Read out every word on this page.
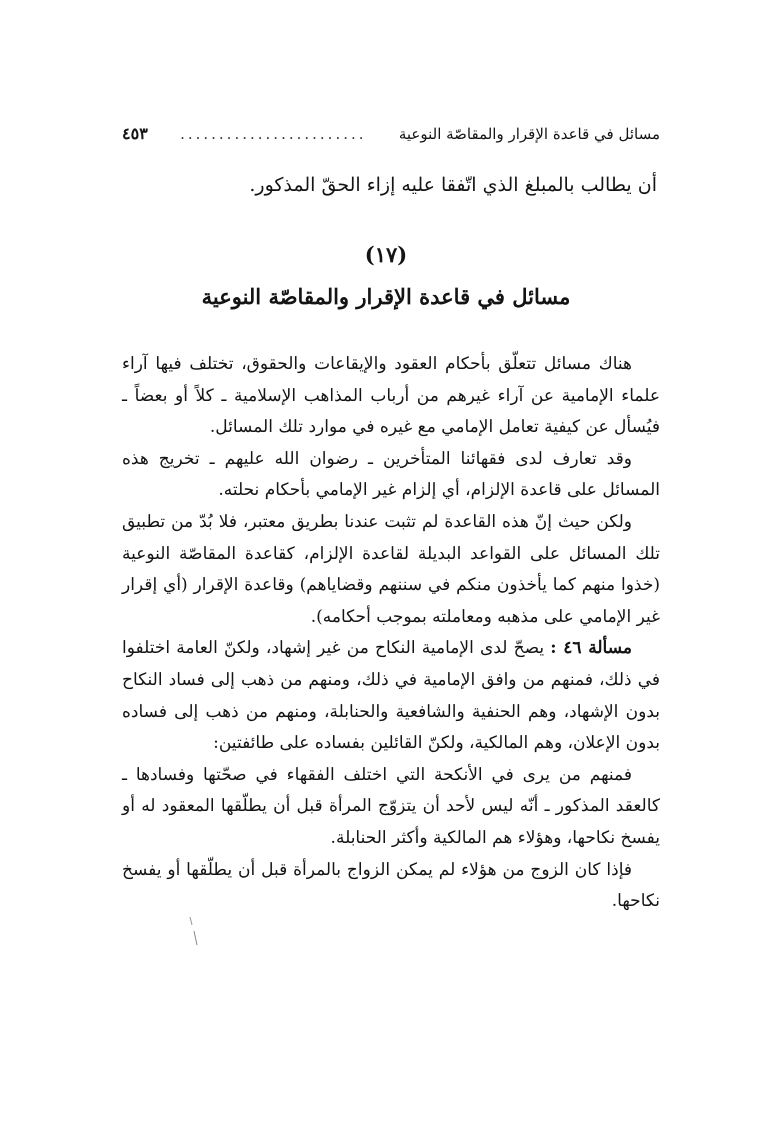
مسائل في قاعدة الإقرار والمقاصّة النوعية
........................
٤٥٣
أن يطالب بالمبلغ الذي اتّفقا عليه إزاء الحقّ المذكور.
(١٧)
مسائل في قاعدة الإقرار والمقاصّة النوعية

هناك مسائل تتعلّق بأحكام العقود والإيقاعات والحقوق، تختلف فيها آراء علماء الإمامية عن آراء غيرهم من أرباب المذاهب الإسلامية ـ كلاً أو بعضاً ـ فيُسأل عن كيفية تعامل الإمامي مع غيره في موارد تلك المسائل.

وقد تعارف لدى فقهائنا المتأخرين ـ رضوان الله عليهم ـ تخريج هذه المسائل على قاعدة الإلزام، أي إلزام غير الإمامي بأحكام نحلته.

ولكن حيث إنّ هذه القاعدة لم تثبت عندنا بطريق معتبر، فلا بُدّ من تطبيق تلك المسائل على القواعد البديلة لقاعدة الإلزام، كقاعدة المقاصّة النوعية (خذوا منهم كما يأخذون منكم في سننهم وقضاياهم) وقاعدة الإقرار (أي إقرار غير الإمامي على مذهبه ومعاملته بموجب أحكامه).

مسألة ٤٦ : يصحّ لدى الإمامية النكاح من غير إشهاد، ولكنّ العامة اختلفوا في ذلك، فمنهم من وافق الإمامية في ذلك، ومنهم من ذهب إلى فساد النكاح بدون الإشهاد، وهم الحنفية والشافعية والحنابلة، ومنهم من ذهب إلى فساده بدون الإعلان، وهم المالكية، ولكنّ القائلين بفساده على طائفتين:

فمنهم من يرى في الأنكحة التي اختلف الفقهاء في صحّتها وفسادها ـ كالعقد المذكور ـ أنّه ليس لأحد أن يتزوّج المرأة قبل أن يطلّقها المعقود له أو يفسخ نكاحها، وهؤلاء هم المالكية وأكثر الحنابلة.

فإذا كان الزوج من هؤلاء لم يمكن الزواج بالمرأة قبل أن يطلّقها أو يفسخ نكاحها.
